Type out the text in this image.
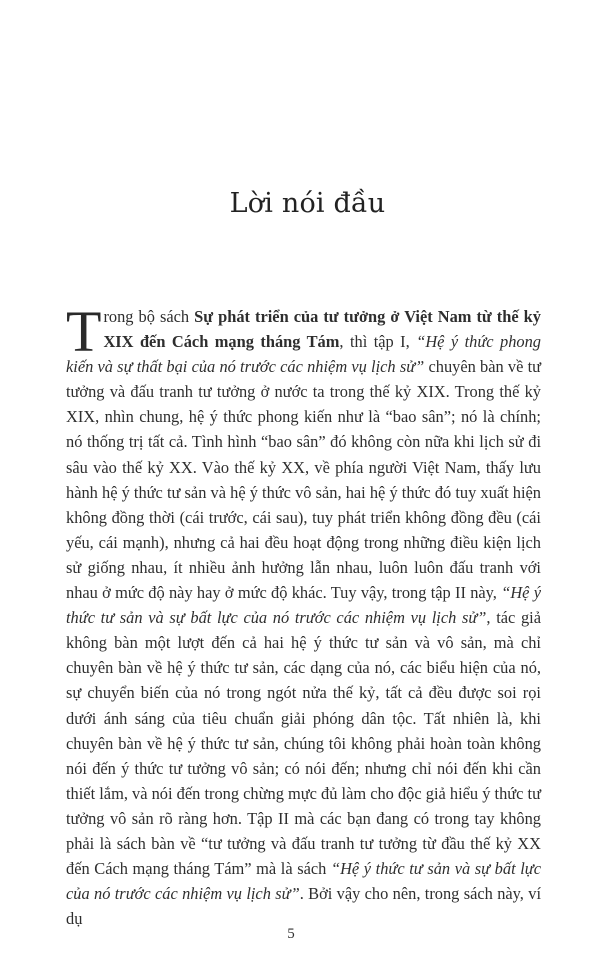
Lời nói đầu

Trong bộ sách Sự phát triển của tư tưởng ở Việt Nam từ thế kỷ XIX đến Cách mạng tháng Tám, thì tập I, “Hệ ý thức phong kiến và sự thất bại của nó trước các nhiệm vụ lịch sử” chuyên bàn về tư tưởng và đấu tranh tư tưởng ở nước ta trong thế kỷ XIX. Trong thế kỷ XIX, nhìn chung, hệ ý thức phong kiến như là “bao sân”; nó là chính; nó thống trị tất cả. Tình hình “bao sân” đó không còn nữa khi lịch sử đi sâu vào thế kỷ XX. Vào thế kỷ XX, về phía người Việt Nam, thấy lưu hành hệ ý thức tư sản và hệ ý thức vô sản, hai hệ ý thức đó tuy xuất hiện không đồng thời (cái trước, cái sau), tuy phát triển không đồng đều (cái yếu, cái mạnh), nhưng cả hai đều hoạt động trong những điều kiện lịch sử giống nhau, ít nhiều ảnh hưởng lẫn nhau, luôn luôn đấu tranh với nhau ở mức độ này hay ở mức độ khác. Tuy vậy, trong tập II này, “Hệ ý thức tư sản và sự bất lực của nó trước các nhiệm vụ lịch sử”, tác giả không bàn một lượt đến cả hai hệ ý thức tư sản và vô sản, mà chỉ chuyên bàn về hệ ý thức tư sản, các dạng của nó, các biểu hiện của nó, sự chuyển biến của nó trong ngót nửa thế kỷ, tất cả đều được soi rọi dưới ánh sáng của tiêu chuẩn giải phóng dân tộc. Tất nhiên là, khi chuyên bàn về hệ ý thức tư sản, chúng tôi không phải hoàn toàn không nói đến ý thức tư tưởng vô sản; có nói đến; nhưng chỉ nói đến khi cần thiết lắm, và nói đến trong chừng mực đủ làm cho độc giả hiểu ý thức tư tưởng vô sản rõ ràng hơn. Tập II mà các bạn đang có trong tay không phải là sách bàn về “tư tưởng và đấu tranh tư tưởng từ đầu thế kỷ XX đến Cách mạng tháng Tám” mà là sách “Hệ ý thức tư sản và sự bất lực của nó trước các nhiệm vụ lịch sử”. Bởi vậy cho nên, trong sách này, ví dụ

5
